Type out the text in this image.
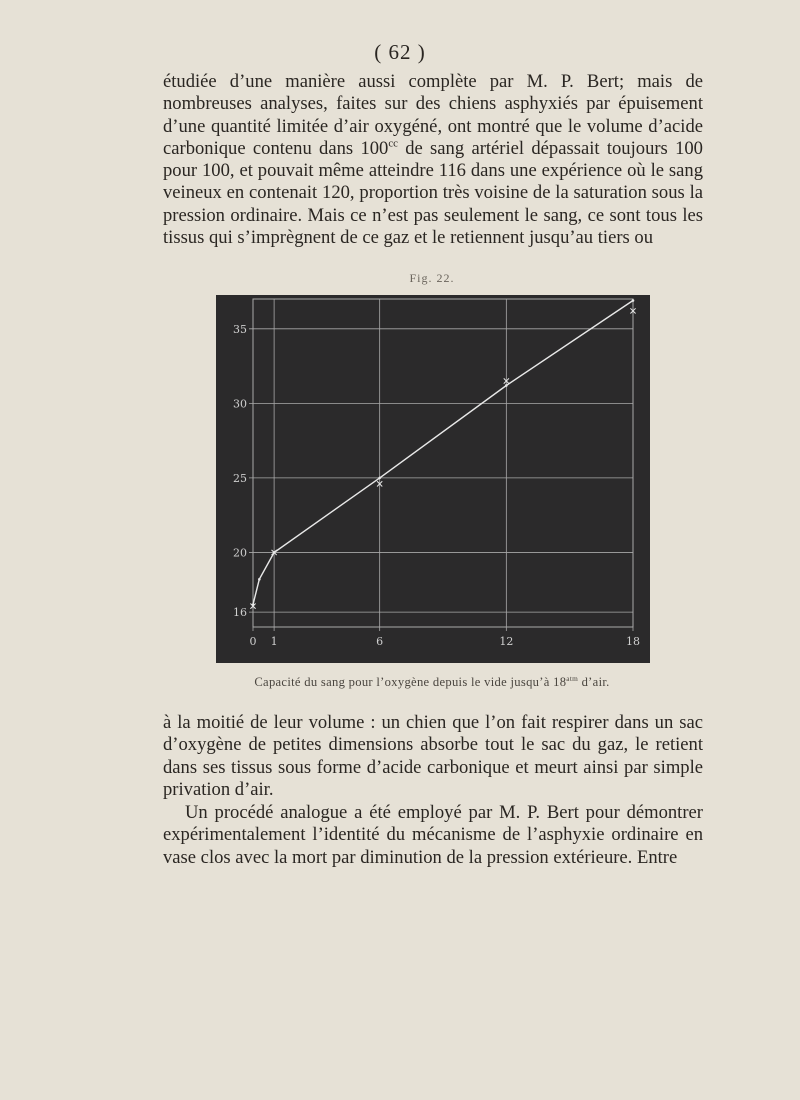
( 62 )

étudiée d’une manière aussi complète par M. P. Bert; mais de nombreuses analyses, faites sur des chiens asphyxiés par épuisement d’une quantité limitée d’air oxygéné, ont montré que le volume d’acide carbonique contenu dans $100^{cc}$ de sang artériel dépassait toujours 100 pour 100, et pouvait même atteindre 116 dans une expérience où le sang veineux en contenait 120, proportion très voisine de la saturation sous la pression ordinaire. Mais ce n’est pas seulement le sang, ce sont tous les tissus qui s’imprègnent de ce gaz et le retiennent jusqu’au tiers ou

Fig. 22.
16
20
25
30
35
0 1	6	12	18
Capacité du sang pour l’oxygène depuis le vide jusqu’à $18^{atm}$ d’air.

à la moitié de leur volume : un chien que l’on fait respirer dans un sac d’oxygène de petites dimensions absorbe tout le sac du gaz, le retient dans ses tissus sous forme d’acide carbonique et meurt ainsi par simple privation d’air.

Un procédé analogue a été employé par M. P. Bert pour démontrer expérimentalement l’identité du mécanisme de l’asphyxie ordinaire en vase clos avec la mort par diminution de la pression extérieure. Entre
